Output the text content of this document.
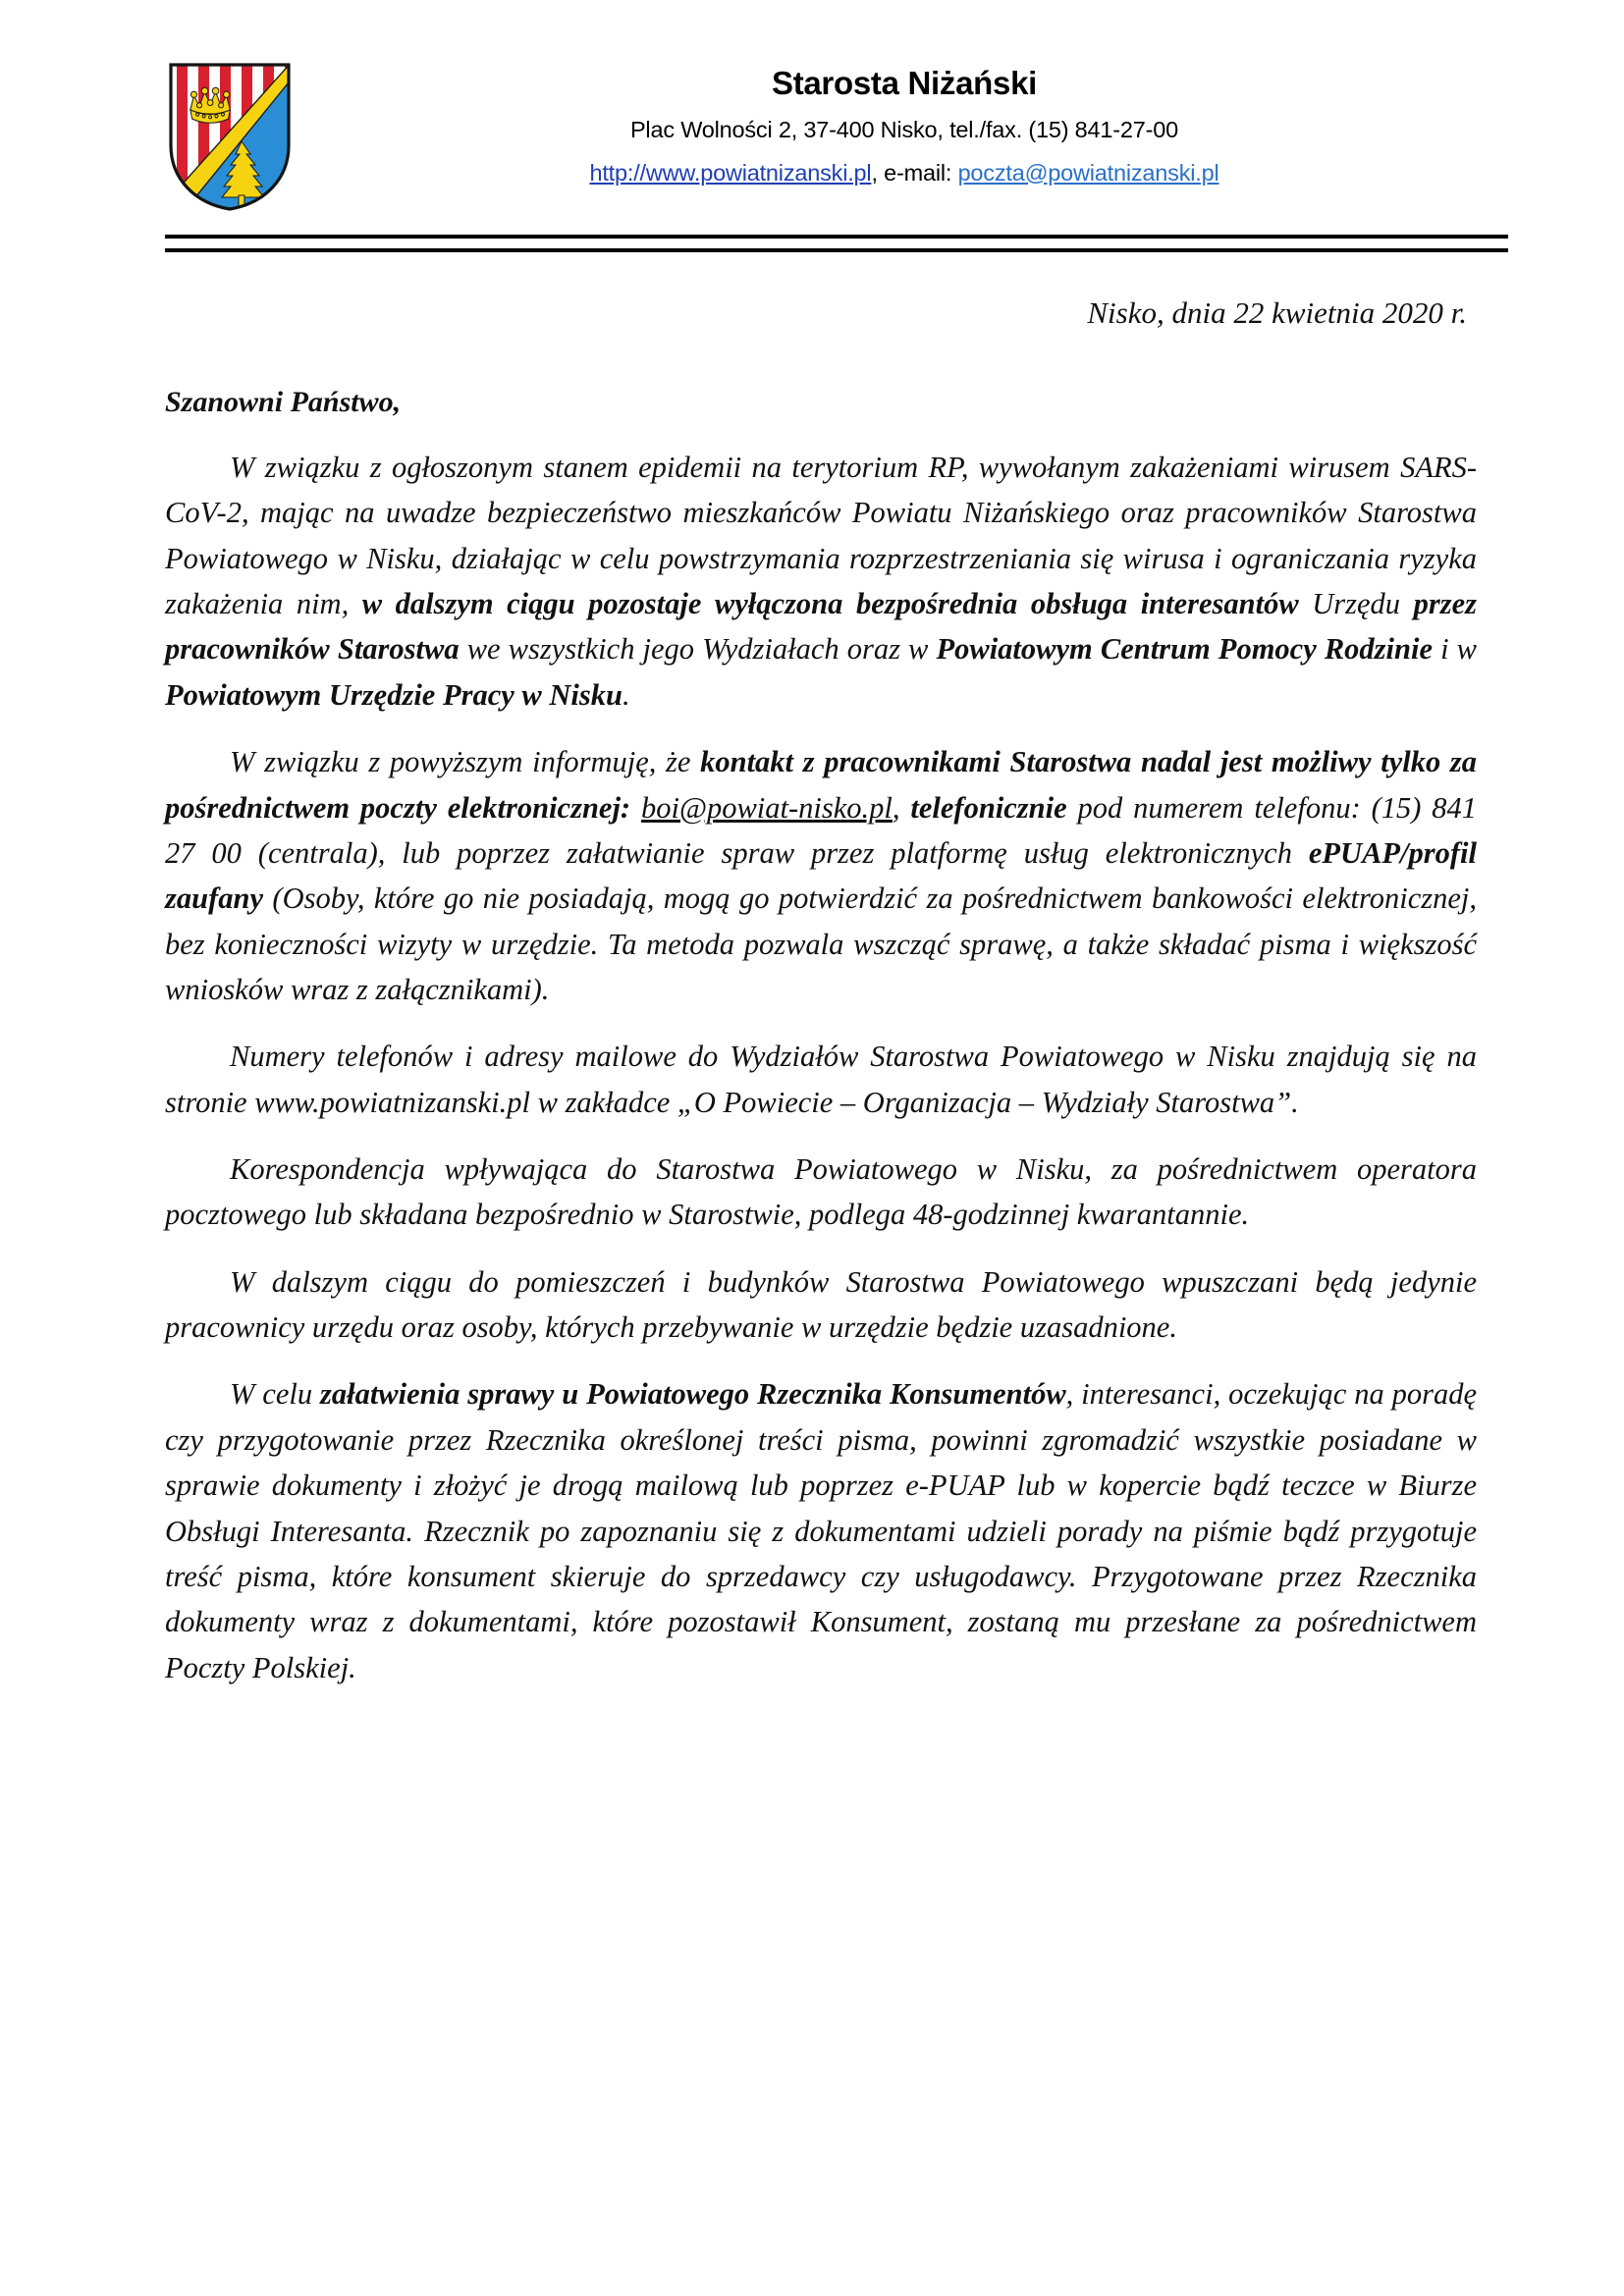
Starosta Niżański
Plac Wolności 2, 37-400 Nisko, tel./fax. (15) 841-27-00
http://www.powiatnizanski.pl, e-mail: poczta@powiatnizanski.pl
Nisko, dnia 22 kwietnia 2020 r.
Szanowni Państwo,

W związku z ogłoszonym stanem epidemii na terytorium RP, wywołanym zakażeniami wirusem SARS-CoV-2, mając na uwadze bezpieczeństwo mieszkańców Powiatu Niżańskiego oraz pracowników Starostwa Powiatowego w Nisku, działając w celu powstrzymania rozprzestrzeniania się wirusa i ograniczania ryzyka zakażenia nim, w dalszym ciągu pozostaje wyłączona bezpośrednia obsługa interesantów Urzędu przez pracowników Starostwa we wszystkich jego Wydziałach oraz w Powiatowym Centrum Pomocy Rodzinie i w Powiatowym Urzędzie Pracy w Nisku.

W związku z powyższym informuję, że kontakt z pracownikami Starostwa nadal jest możliwy tylko za pośrednictwem poczty elektronicznej: boi@powiat-nisko.pl, telefonicznie pod numerem telefonu: (15) 841 27 00 (centrala), lub poprzez załatwianie spraw przez platformę usług elektronicznych ePUAP/profil zaufany (Osoby, które go nie posiadają, mogą go potwierdzić za pośrednictwem bankowości elektronicznej, bez konieczności wizyty w urzędzie. Ta metoda pozwala wszcząć sprawę, a także składać pisma i większość wniosków wraz z załącznikami).

Numery telefonów i adresy mailowe do Wydziałów Starostwa Powiatowego w Nisku znajdują się na stronie www.powiatnizanski.pl w zakładce „O Powiecie – Organizacja – Wydziały Starostwa”.

Korespondencja wpływająca do Starostwa Powiatowego w Nisku, za pośrednictwem operatora pocztowego lub składana bezpośrednio w Starostwie, podlega 48-godzinnej kwarantannie.

W dalszym ciągu do pomieszczeń i budynków Starostwa Powiatowego wpuszczani będą jedynie pracownicy urzędu oraz osoby, których przebywanie w urzędzie będzie uzasadnione.

W celu załatwienia sprawy u Powiatowego Rzecznika Konsumentów, interesanci, oczekując na poradę czy przygotowanie przez Rzecznika określonej treści pisma, powinni zgromadzić wszystkie posiadane w sprawie dokumenty i złożyć je drogą mailową lub poprzez e-PUAP lub w kopercie bądź teczce w Biurze Obsługi Interesanta. Rzecznik po zapoznaniu się z dokumentami udzieli porady na piśmie bądź przygotuje treść pisma, które konsument skieruje do sprzedawcy czy usługodawcy. Przygotowane przez Rzecznika dokumenty wraz z dokumentami, które pozostawił Konsument, zostaną mu przesłane za pośrednictwem Poczty Polskiej.
